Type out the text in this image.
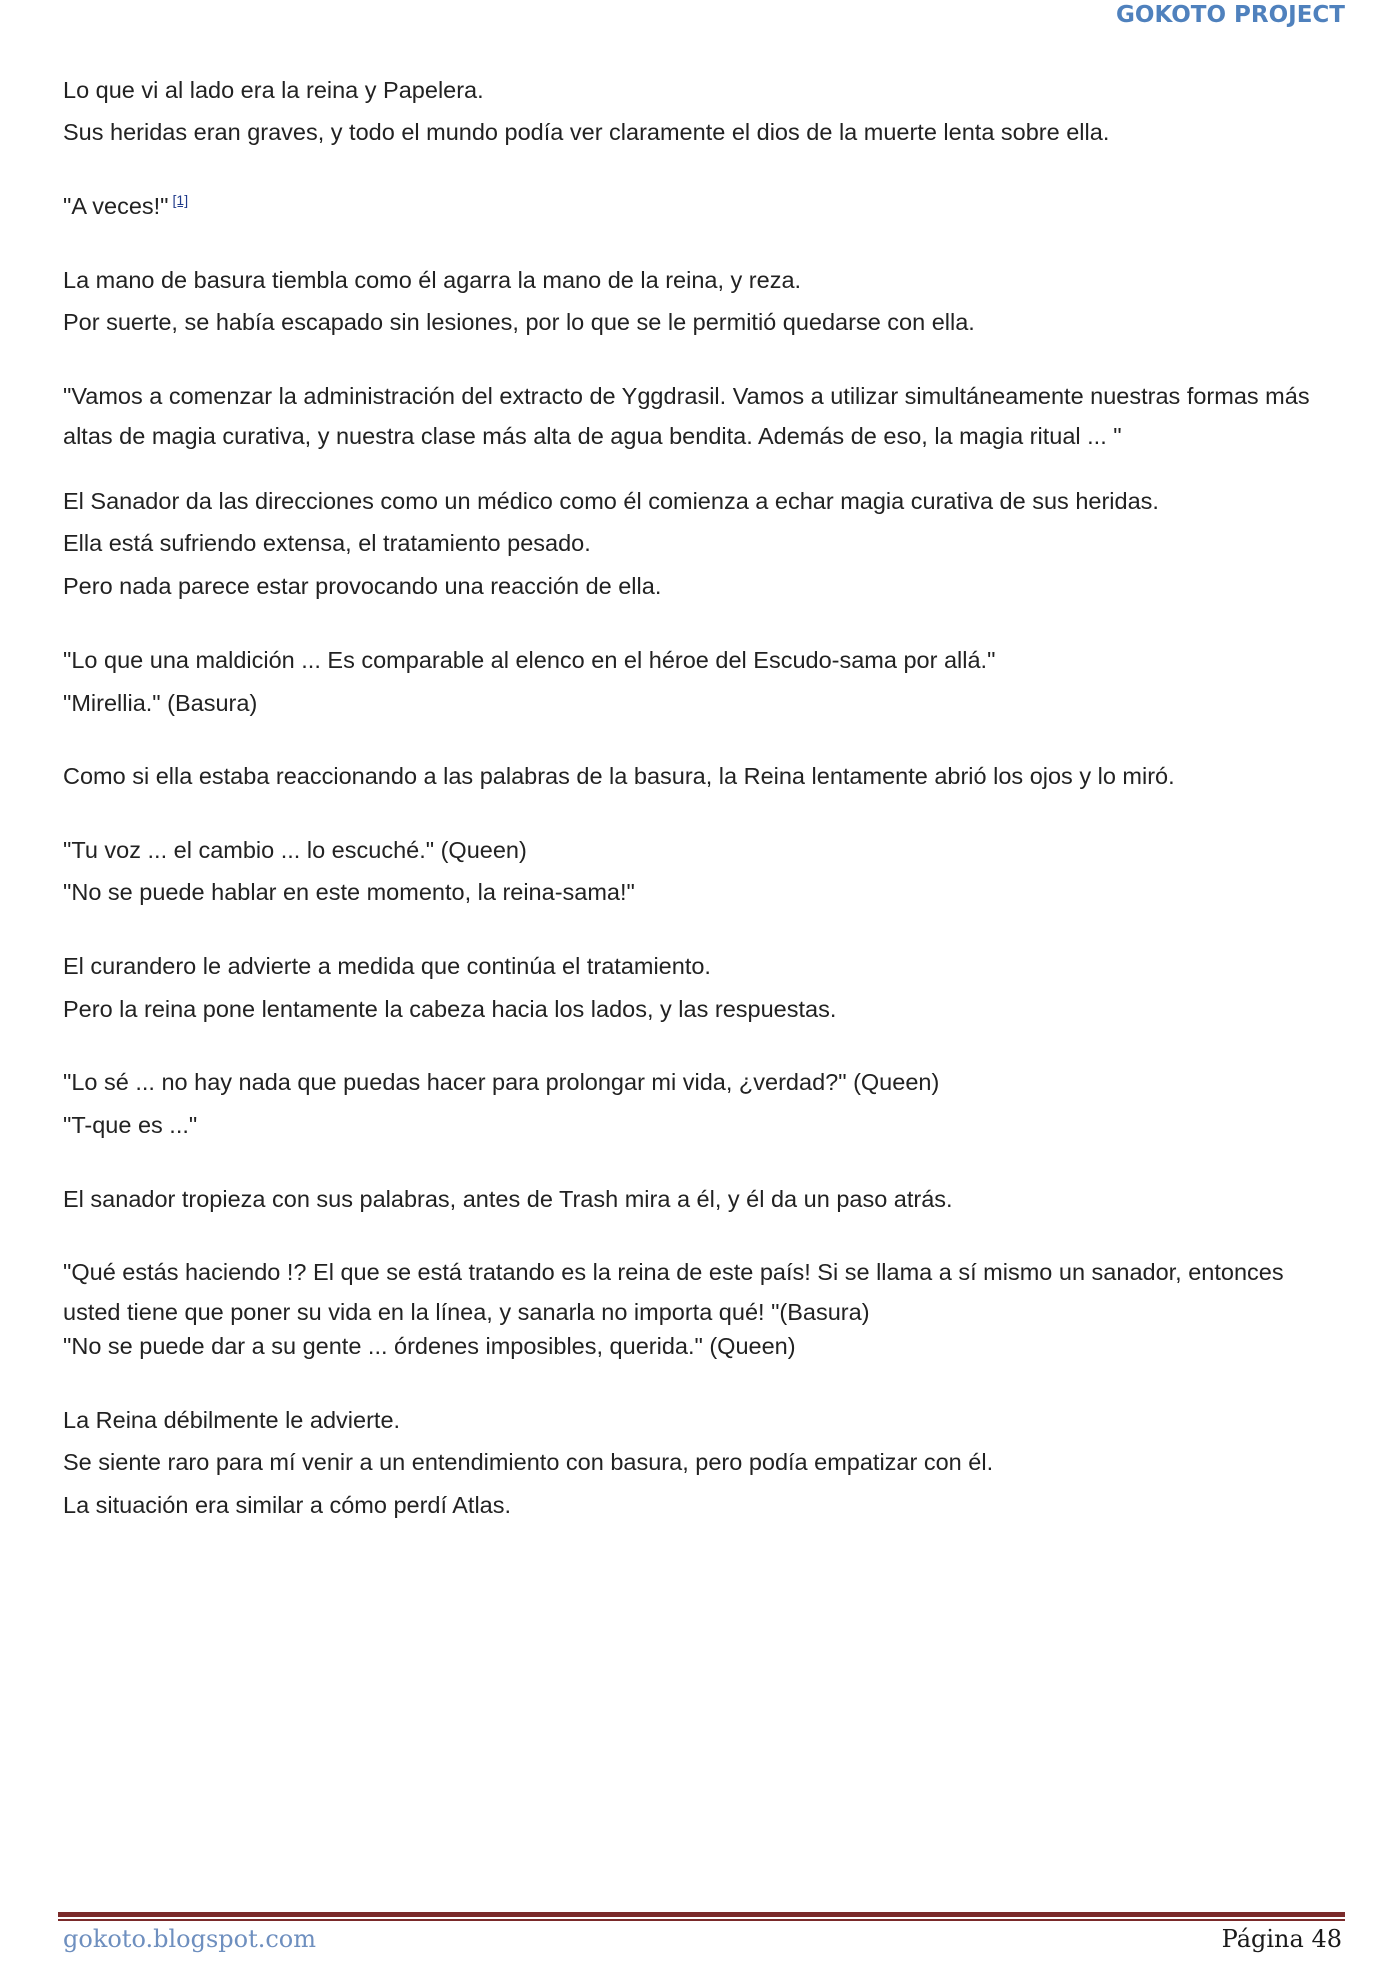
GOKOTO PROJECT

Lo que vi al lado era la reina y Papelera.

Sus heridas eran graves, y todo el mundo podía ver claramente el dios de la muerte lenta sobre ella.

"A veces!" [1]

La mano de basura tiembla como él agarra la mano de la reina, y reza.

Por suerte, se había escapado sin lesiones, por lo que se le permitió quedarse con ella.

"Vamos a comenzar la administración del extracto de Yggdrasil. Vamos a utilizar simultáneamente nuestras formas más altas de magia curativa, y nuestra clase más alta de agua bendita. Además de eso, la magia ritual ... "

El Sanador da las direcciones como un médico como él comienza a echar magia curativa de sus heridas.

Ella está sufriendo extensa, el tratamiento pesado.

Pero nada parece estar provocando una reacción de ella.

"Lo que una maldición ... Es comparable al elenco en el héroe del Escudo-sama por allá."

"Mirellia." (Basura)

Como si ella estaba reaccionando a las palabras de la basura, la Reina lentamente abrió los ojos y lo miró.

"Tu voz ... el cambio ... lo escuché." (Queen)

"No se puede hablar en este momento, la reina-sama!"

El curandero le advierte a medida que continúa el tratamiento.

Pero la reina pone lentamente la cabeza hacia los lados, y las respuestas.

"Lo sé ... no hay nada que puedas hacer para prolongar mi vida, ¿verdad?" (Queen)

"T-que es ..."

El sanador tropieza con sus palabras, antes de Trash mira a él, y él da un paso atrás.

"Qué estás haciendo !? El que se está tratando es la reina de este país! Si se llama a sí mismo un sanador, entonces usted tiene que poner su vida en la línea, y sanarla no importa qué! "(Basura)

"No se puede dar a su gente ... órdenes imposibles, querida." (Queen)

La Reina débilmente le advierte.

Se siente raro para mí venir a un entendimiento con basura, pero podía empatizar con él.

La situación era similar a cómo perdí Atlas.

gokoto.blogspot.com	Página 48
